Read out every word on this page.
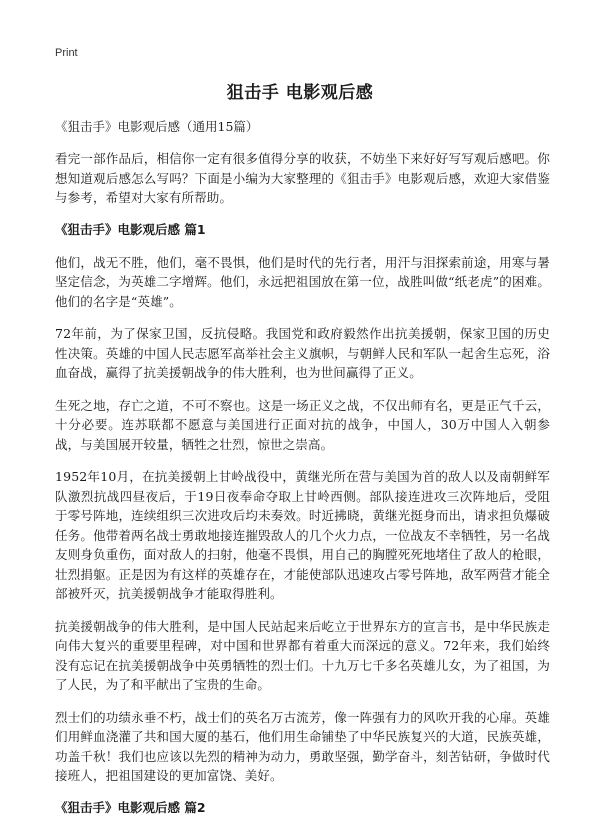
Print
狙击手 电影观后感
《狙击手》电影观后感（通用15篇）

看完一部作品后，相信你一定有很多值得分享的收获，不妨坐下来好好写写观后感吧。你想知道观后感怎么写吗？下面是小编为大家整理的《狙击手》电影观后感，欢迎大家借鉴与参考，希望对大家有所帮助。

《狙击手》电影观后感 篇1

他们，战无不胜，他们，毫不畏惧，他们是时代的先行者，用汗与泪探索前途，用寒与暑坚定信念，为英雄二字增辉。他们，永远把祖国放在第一位，战胜叫做“纸老虎”的困难。他们的名字是“英雄”。

72年前，为了保家卫国，反抗侵略。我国党和政府毅然作出抗美援朝，保家卫国的历史性决策。英雄的中国人民志愿军高举社会主义旗帜，与朝鲜人民和军队一起舍生忘死，浴血奋战，赢得了抗美援朝战争的伟大胜利，也为世间赢得了正义。

生死之地，存亡之道，不可不察也。这是一场正义之战，不仅出师有名，更是正气千云，十分必要。连苏联都不愿意与美国进行正面对抗的战争，中国人，30万中国人入朝参战，与美国展开较量，牺牲之壮烈，惊世之崇高。

1952年10月，在抗美援朝上甘岭战役中，黄继光所在营与美国为首的敌人以及南朝鲜军队激烈抗战四昼夜后，于19日夜奉命夺取上甘岭西侧。部队接连进攻三次阵地后，受阻于零号阵地，连续组织三次进攻后均未奏效。时近拂晓，黄继光挺身而出，请求担负爆破任务。他带着两名战士勇敢地接连摧毁敌人的几个火力点，一位战友不幸牺牲，另一名战友则身负重伤，面对敌人的扫射，他毫不畏惧，用自己的胸膛死死地堵住了敌人的枪眼，壮烈捐躯。正是因为有这样的英雄存在，才能使部队迅速攻占零号阵地，敌军两营才能全部被歼灭，抗美援朝战争才能取得胜利。

抗美援朝战争的伟大胜利，是中国人民站起来后屹立于世界东方的宣言书，是中华民族走向伟大复兴的重要里程碑，对中国和世界都有着重大而深远的意义。72年来，我们始终没有忘记在抗美援朝战争中英勇牺牲的烈士们。十九万七千多名英雄儿女，为了祖国，为了人民，为了和平献出了宝贵的生命。

烈士们的功绩永垂不朽，战士们的英名万古流芳，像一阵强有力的风吹开我的心扉。英雄们用鲜血浇灌了共和国大厦的基石，他们用生命铺垫了中华民族复兴的大道，民族英雄，功盖千秋！我们也应该以先烈的精神为动力，勇敢坚强，勤学奋斗，刻苦钻研，争做时代接班人，把祖国建设的更加富饶、美好。

《狙击手》电影观后感 篇2
